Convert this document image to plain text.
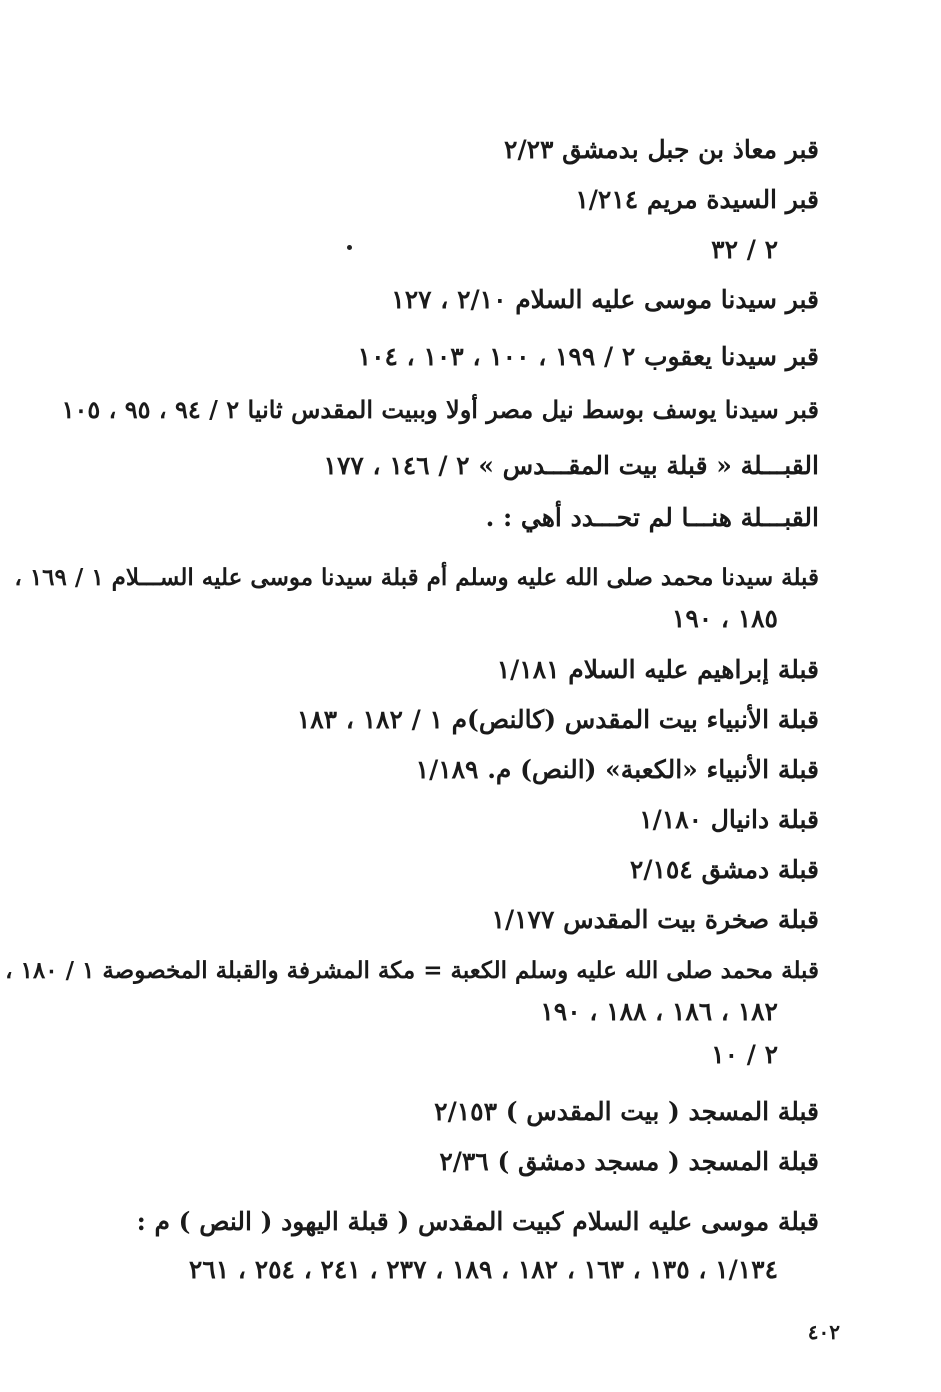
قبر معاذ بن جبل بدمشق ٢/٢٣
قبر السيدة مريم ١/٢١٤
٢ / ٣٢
قبر سيدنا موسى عليه السلام ٢/١٠ ، ١٢٧
قبر سيدنا يعقوب ٢ / ١٩٩ ، ١٠٠ ، ١٠٣ ، ١٠٤
قبر سيدنا يوسف بوسط نيل مصر أولا وببيت المقدس ثانيا ٢ / ٩٤ ، ٩٥ ، ١٠٥
القبـــلة « قبلة بيت المقـــدس » ٢ / ١٤٦ ، ١٧٧
القبـــلة هنـــا لم تحـــدد أهي : .
قبلة سيدنا محمد صلى الله عليه وسلم أم قبلة سيدنا موسى عليه الســـلام ١ / ١٦٩ ،
١٨٥ ، ١٩٠
قبلة إبراهيم عليه السلام ١/١٨١
قبلة الأنبياء بيت المقدس (كالنص)م ١ / ١٨٢ ، ١٨٣
قبلة الأنبياء «الكعبة» (النص) م. ١/١٨٩
قبلة دانيال ١/١٨٠
قبلة دمشق ٢/١٥٤
قبلة صخرة بيت المقدس ١/١٧٧
قبلة محمد صلى الله عليه وسلم الكعبة = مكة المشرفة والقبلة المخصوصة ١ / ١٨٠ ،
١٨٢ ، ١٨٦ ، ١٨٨ ، ١٩٠
٢ / ١٠
قبلة المسجد ( بيت المقدس ) ٢/١٥٣
قبلة المسجد ( مسجد دمشق ) ٢/٣٦
قبلة موسى عليه السلام كبيت المقدس ( قبلة اليهود ( النص ) م :
١/١٣٤ ، ١٣٥ ، ١٦٣ ، ١٨٢ ، ١٨٩ ، ٢٣٧ ، ٢٤١ ، ٢٥٤ ، ٢٦١
٤٠٢
